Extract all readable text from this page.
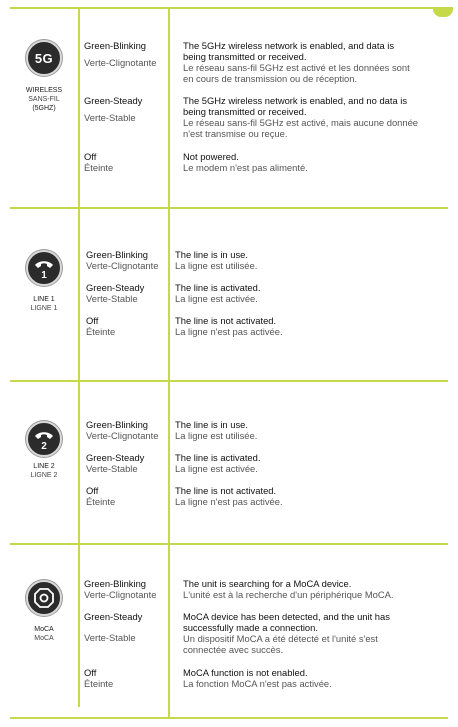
5G
WIRELESS
SANS-FIL
(5GHZ)
Green-Blinking
Verte-Clignotante
The 5GHz wireless network is enabled, and data is
being transmitted or received.
Le réseau sans-fil 5GHz est activé et les données sont
en cours de transmission ou de réception.
Green-Steady
Verte-Stable
The 5GHz wireless network is enabled, and no data is
being transmitted or received.
Le réseau sans-fil 5GHz est activé, mais aucune donnée
n'est transmise ou reçue.
Off
Éteinte
Not powered.
Le modem n'est pas alimenté.
1
LINE 1
LIGNE 1
Green-Blinking
Verte-Clignotante
The line is in use.
La ligne est utilisée.
Green-Steady
Verte-Stable
The line is activated.
La ligne est activée.
Off
Éteinte
The line is not activated.
La ligne n'est pas activée.
2
LINE 2
LIGNE 2
Green-Blinking
Verte-Clignotante
The line is in use.
La ligne est utilisée.
Green-Steady
Verte-Stable
The line is activated.
La ligne est activée.
Off
Éteinte
The line is not activated.
La ligne n'est pas activée.
MoCA
MoCA
Green-Blinking
Verte-Clignotante
The unit is searching for a MoCA device.
L'unité est à la recherche d'un périphérique MoCA.
Green-Steady
Verte-Stable
MoCA device has been detected, and the unit has
successfully made a connection.
Un dispositif MoCA a été détecté et l'unité s'est
connectée avec succès.
Off
Éteinte
MoCA function is not enabled.
La fonction MoCA n'est pas activée.
